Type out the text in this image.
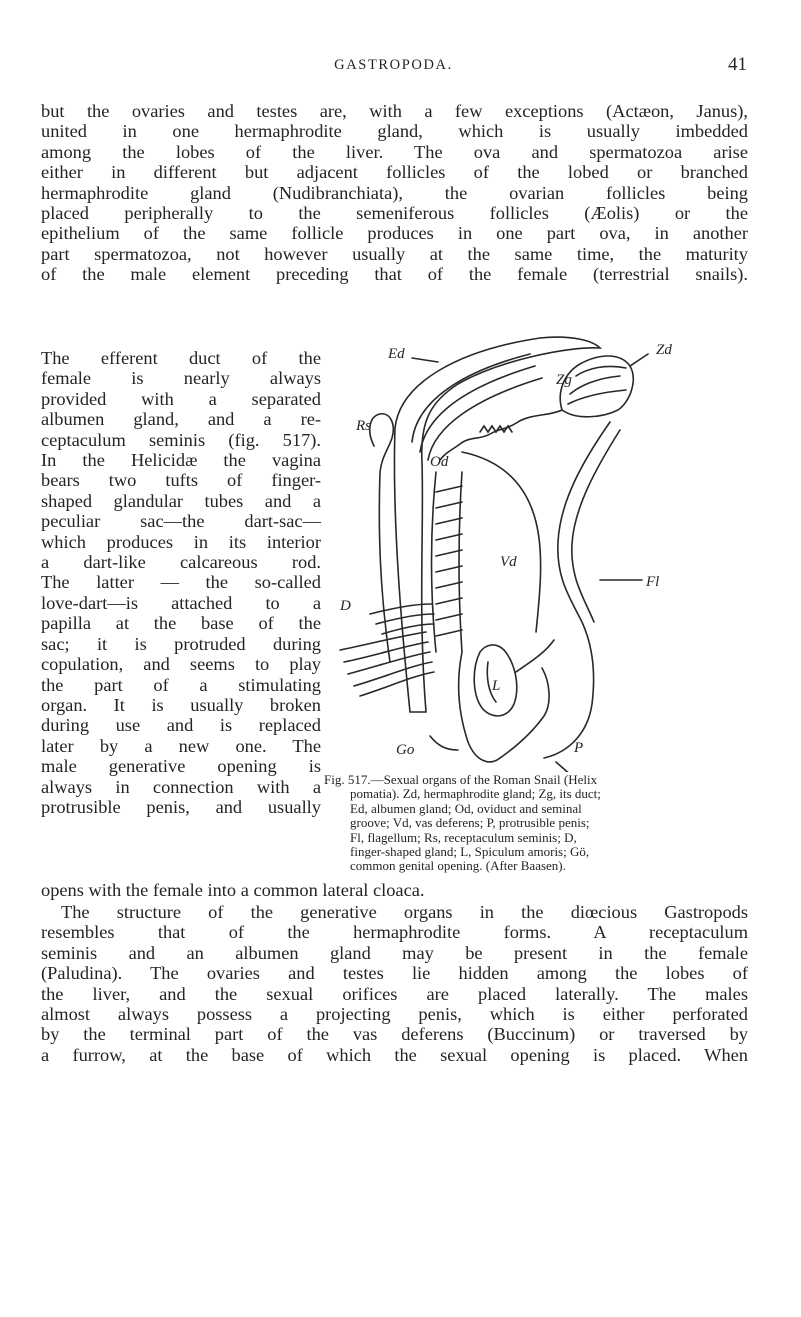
GASTROPODA.	41
but the ovaries and testes are, with a few exceptions (Actæon, Janus),
united in one hermaphrodite gland, which is usually imbedded
among the lobes of the liver. The ova and spermatozoa arise
either in different but adjacent follicles of the lobed or branched
hermaphrodite gland (Nudibranchiata), the ovarian follicles being
placed peripherally to the semeniferous follicles (Æolis) or the
epithelium of the same follicle produces in one part ova, in another
part spermatozoa, not however usually at the same time, the maturity
of the male element preceding that of the female (terrestrial snails).
The efferent duct of the
female is nearly always
provided with a separated
albumen gland, and a re-
ceptaculum seminis (fig. 517).
In the Helicidæ the vagina
bears two tufts of finger-
shaped glandular tubes and a
peculiar sac—the dart-sac—
which produces in its interior
a dart-like calcareous rod.
The latter — the so-called
love-dart—is attached to a
papilla at the base of the
sac; it is protruded during
copulation, and seems to play
the part of a stimulating
organ. It is usually broken
during use and is replaced
later by a new one. The
male generative opening is
always in connection with a
protrusible penis, and usually
opens with the female into a common lateral cloaca.
The structure of the generative organs in the diœcious Gastropods
resembles that of the hermaphrodite forms. A receptaculum
seminis and an albumen gland may be present in the female
(Paludina). The ovaries and testes lie hidden among the lobes of
the liver, and the sexual orifices are placed laterally. The males
almost always possess a projecting penis, which is either perforated
by the terminal part of the vas deferens (Buccinum) or traversed by
a furrow, at the base of which the sexual opening is placed. When
Zd
Ed
Zg
Rs
Od
Fl
Vd
D
L
Go	P
Fig. 517.—Sexual organs of the Roman Snail (Helix
pomatia). Zd, hermaphrodite gland; Zg, its duct;
Ed, albumen gland; Od, oviduct and seminal
groove; Vd, vas deferens; P, protrusible penis;
Fl, flagellum; Rs, receptaculum seminis; D,
finger-shaped gland; L, Spiculum amoris; Gö,
common genital opening. (After Baasen).
